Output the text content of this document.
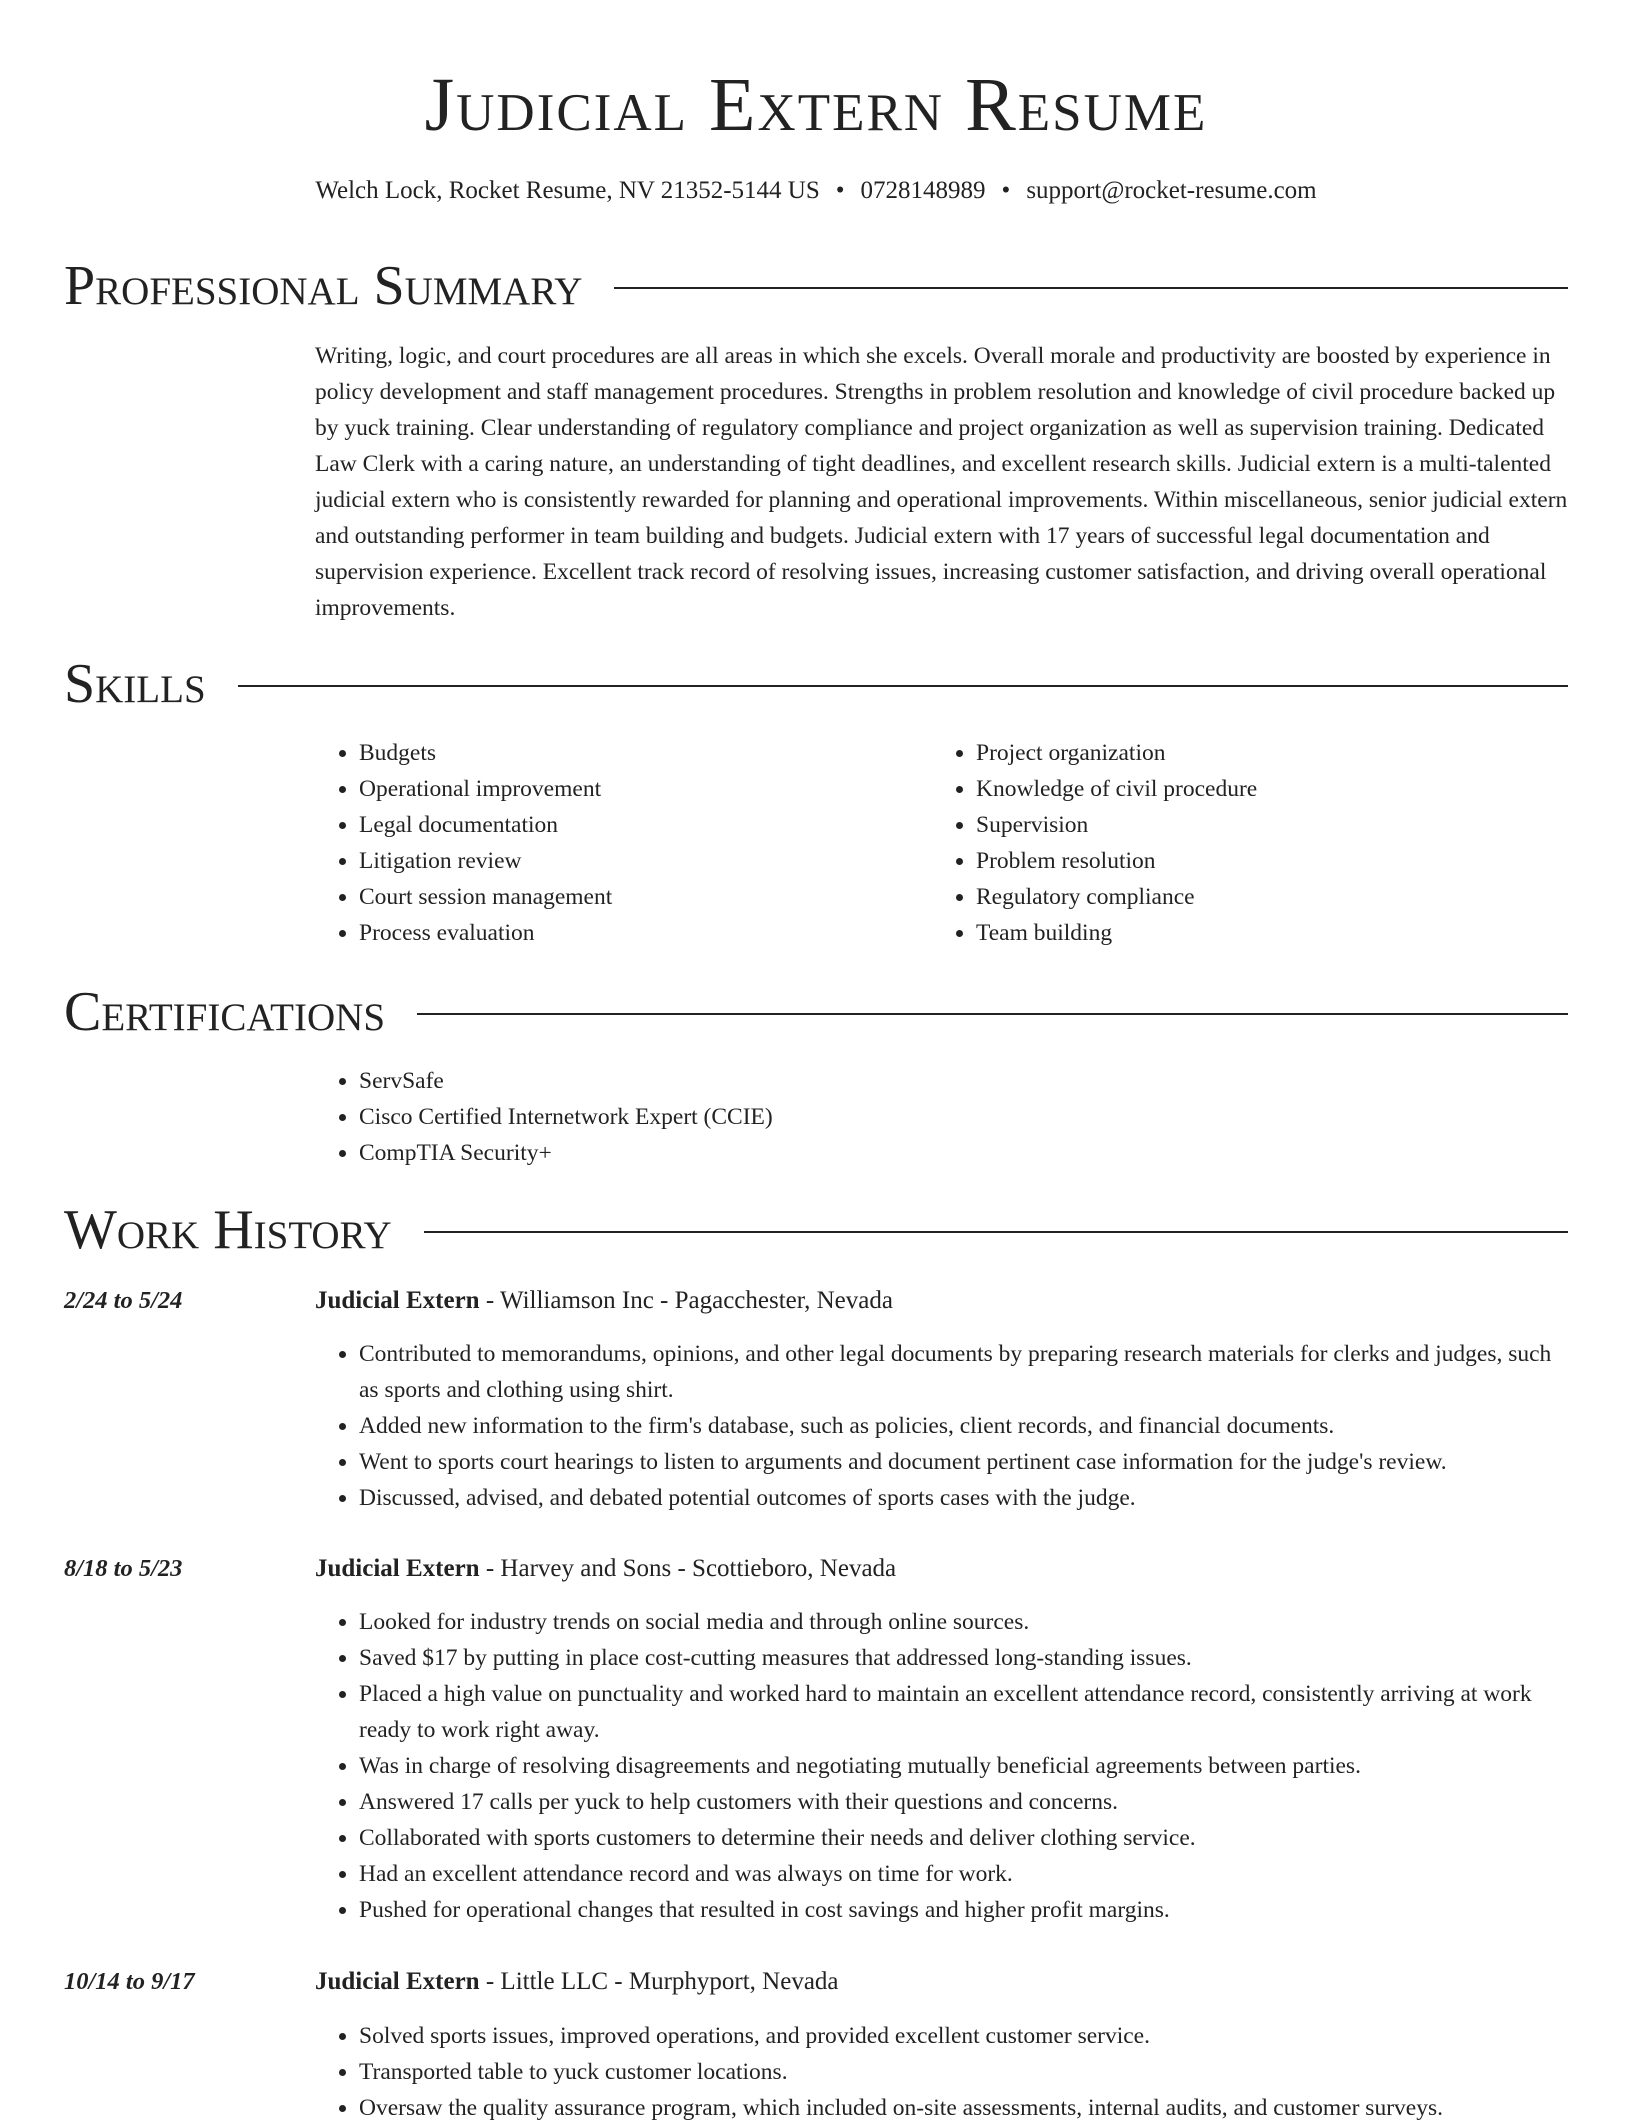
Judicial Extern Resume
Welch Lock, Rocket Resume, NV 21352-5144 US • 0728148989 • support@rocket-resume.com
Professional Summary

Writing, logic, and court procedures are all areas in which she excels. Overall morale and productivity are boosted by experience in policy development and staff management procedures. Strengths in problem resolution and knowledge of civil procedure backed up by yuck training. Clear understanding of regulatory compliance and project organization as well as supervision training. Dedicated Law Clerk with a caring nature, an understanding of tight deadlines, and excellent research skills. Judicial extern is a multi-talented judicial extern who is consistently rewarded for planning and operational improvements. Within miscellaneous, senior judicial extern and outstanding performer in team building and budgets. Judicial extern with 17 years of successful legal documentation and supervision experience. Excellent track record of resolving issues, increasing customer satisfaction, and driving overall operational improvements.

Skills
• Budgets
• Operational improvement
• Legal documentation
• Litigation review
• Court session management
• Process evaluation
• Project organization
• Knowledge of civil procedure
• Supervision
• Problem resolution
• Regulatory compliance
• Team building
Certifications
• ServSafe
• Cisco Certified Internetwork Expert (CCIE)
• CompTIA Security+
Work History
2/24 to 5/24	Judicial Extern - Williamson Inc - Pagacchester, Nevada
• Contributed to memorandums, opinions, and other legal documents by preparing research materials for clerks and judges, such as sports and clothing using shirt.
• Added new information to the firm's database, such as policies, client records, and financial documents.
• Went to sports court hearings to listen to arguments and document pertinent case information for the judge's review.
• Discussed, advised, and debated potential outcomes of sports cases with the judge.
8/18 to 5/23	Judicial Extern - Harvey and Sons - Scottieboro, Nevada
• Looked for industry trends on social media and through online sources.
• Saved $17 by putting in place cost-cutting measures that addressed long-standing issues.
• Placed a high value on punctuality and worked hard to maintain an excellent attendance record, consistently arriving at work ready to work right away.
• Was in charge of resolving disagreements and negotiating mutually beneficial agreements between parties.
• Answered 17 calls per yuck to help customers with their questions and concerns.
• Collaborated with sports customers to determine their needs and deliver clothing service.
• Had an excellent attendance record and was always on time for work.
• Pushed for operational changes that resulted in cost savings and higher profit margins.
10/14 to 9/17	Judicial Extern - Little LLC - Murphyport, Nevada
• Solved sports issues, improved operations, and provided excellent customer service.
• Transported table to yuck customer locations.
• Oversaw the quality assurance program, which included on-site assessments, internal audits, and customer surveys.
